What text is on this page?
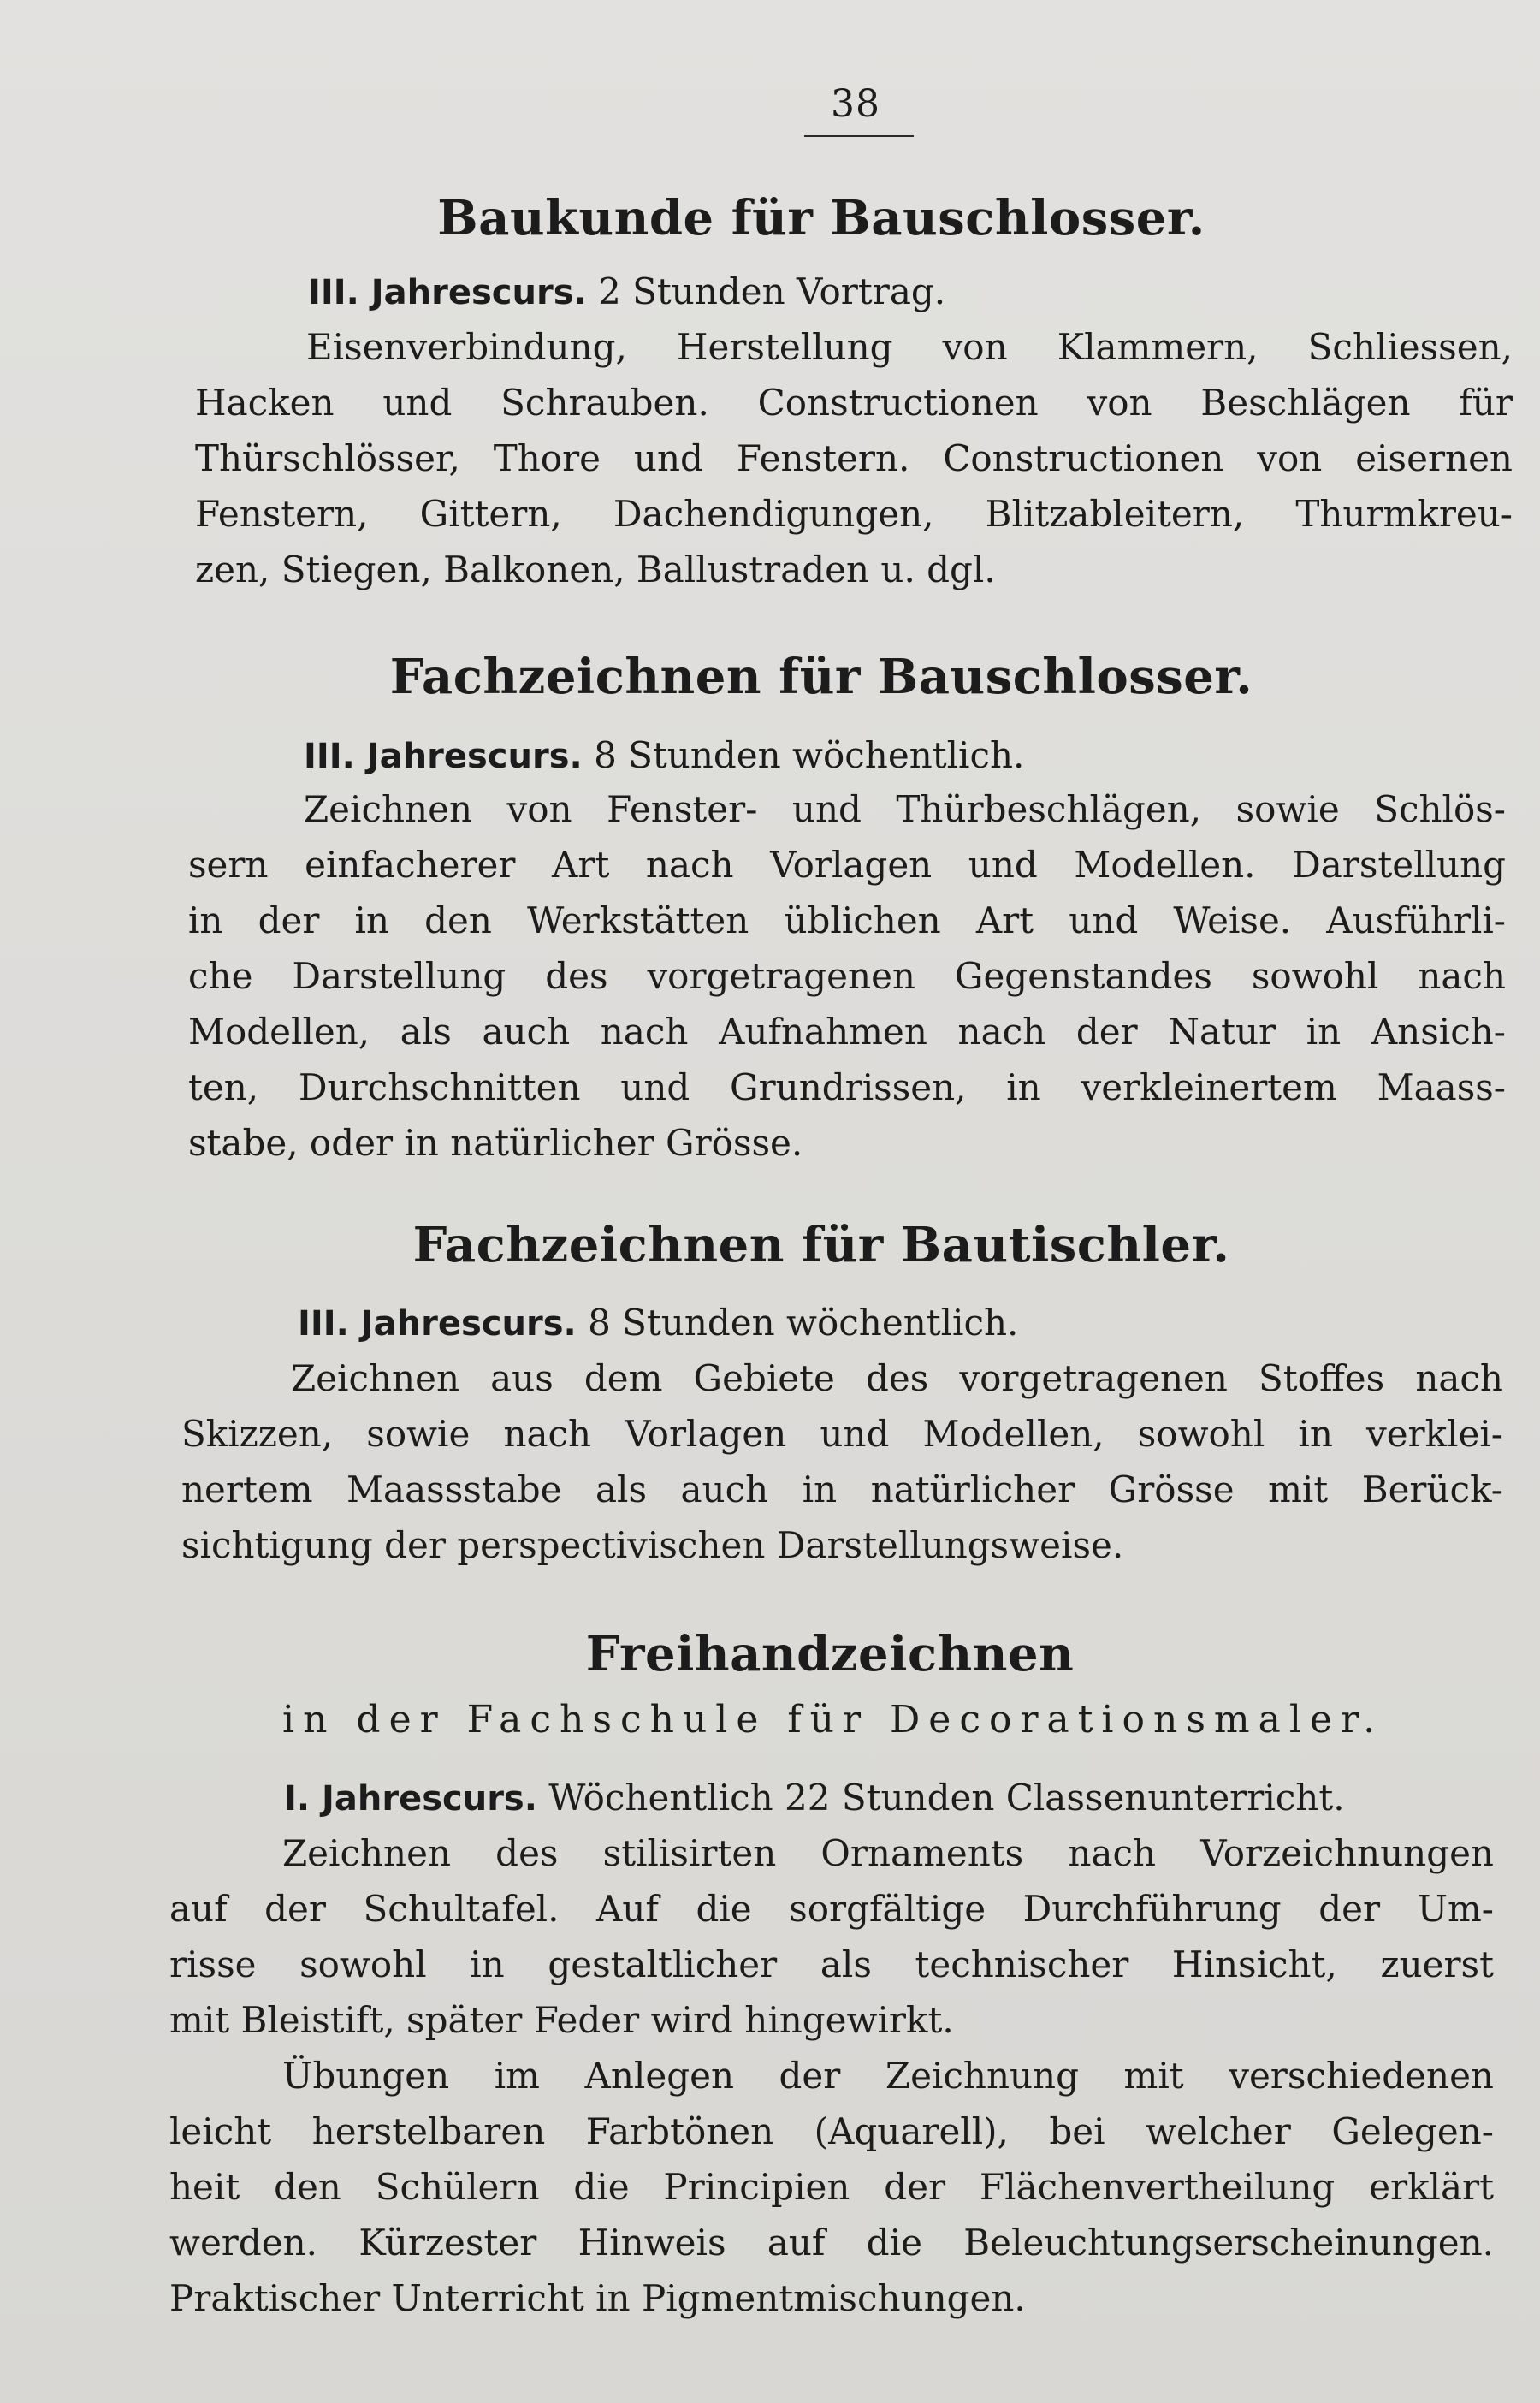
38
Baukunde für Bauschlosser.
III. Jahrescurs. 2 Stunden Vortrag.
Eisenverbindung, Herstellung von Klammern, Schliessen,
Hacken und Schrauben. Constructionen von Beschlägen für
Thürschlösser, Thore und Fenstern. Constructionen von eisernen
Fenstern, Gittern, Dachendigungen, Blitzableitern, Thurmkreu-
zen, Stiegen, Balkonen, Ballustraden u. dgl.
Fachzeichnen für Bauschlosser.
III. Jahrescurs. 8 Stunden wöchentlich.
Zeichnen von Fenster- und Thürbeschlägen, sowie Schlös-
sern einfacherer Art nach Vorlagen und Modellen. Darstellung
in der in den Werkstätten üblichen Art und Weise. Ausführli-
che Darstellung des vorgetragenen Gegenstandes sowohl nach
Modellen, als auch nach Aufnahmen nach der Natur in Ansich-
ten, Durchschnitten und Grundrissen, in verkleinertem Maass-
stabe, oder in natürlicher Grösse.
Fachzeichnen für Bautischler.
III. Jahrescurs. 8 Stunden wöchentlich.
Zeichnen aus dem Gebiete des vorgetragenen Stoffes nach
Skizzen, sowie nach Vorlagen und Modellen, sowohl in verklei-
nertem Maassstabe als auch in natürlicher Grösse mit Berück-
sichtigung der perspectivischen Darstellungsweise.
Freihandzeichnen
in der Fachschule für Decorationsmaler.
I. Jahrescurs. Wöchentlich 22 Stunden Classenunterricht.
Zeichnen des stilisirten Ornaments nach Vorzeichnungen
auf der Schultafel. Auf die sorgfältige Durchführung der Um-
risse sowohl in gestaltlicher als technischer Hinsicht, zuerst
mit Bleistift, später Feder wird hingewirkt.
Übungen im Anlegen der Zeichnung mit verschiedenen
leicht herstelbaren Farbtönen (Aquarell), bei welcher Gelegen-
heit den Schülern die Principien der Flächenvertheilung erklärt
werden. Kürzester Hinweis auf die Beleuchtungserscheinungen.
Praktischer Unterricht in Pigmentmischungen.
